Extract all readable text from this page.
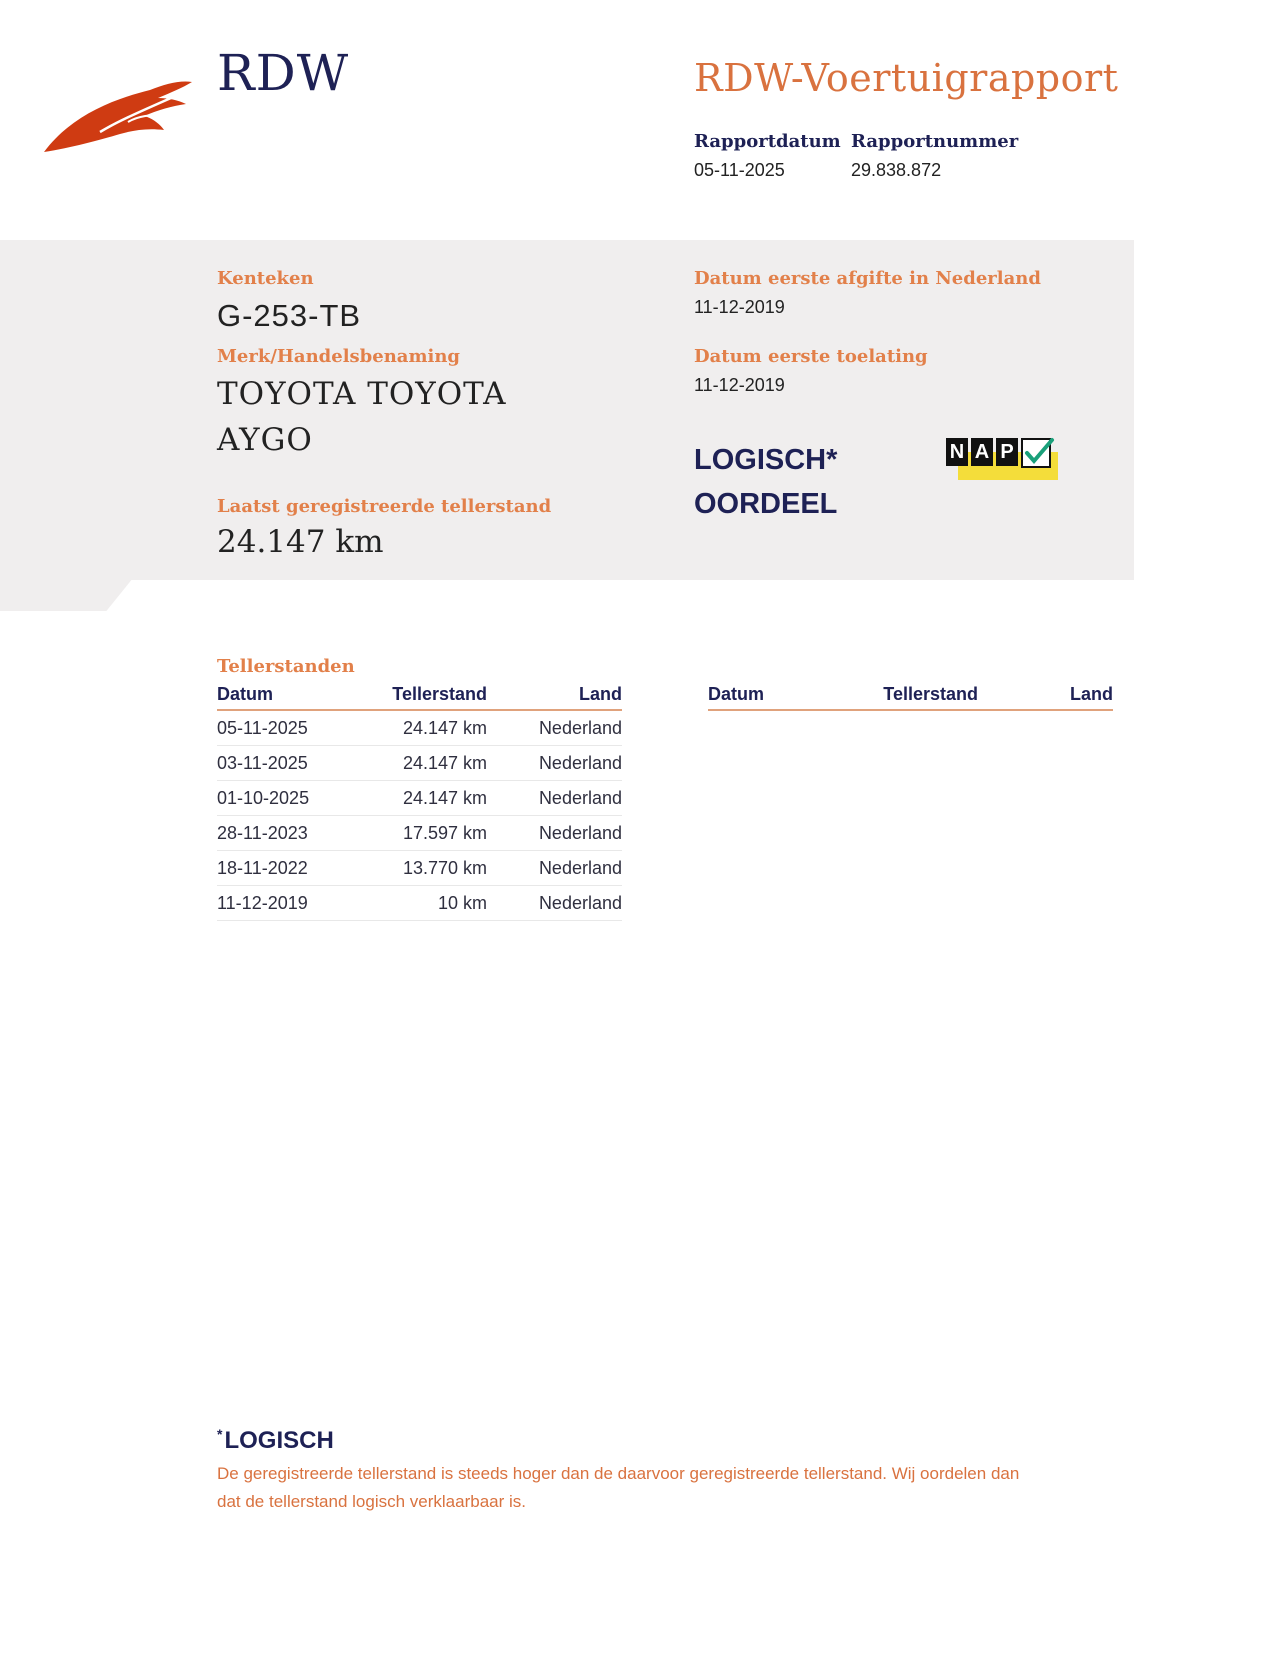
RDW	RDW-Voertuigrapport
Rapportdatum
05-11-2025
Rapportnummer
29.838.872
Kenteken
G-253-TB
Merk/Handelsbenaming
TOYOTA TOYOTA
AYGO
Laatst geregistreerde tellerstand
24.147 km
Datum eerste afgifte in Nederland
11-12-2019
Datum eerste toelating
11-12-2019
LOGISCH*
OORDEEL
N A P
Tellerstanden
Datum	Tellerstand	Land
05-11-2025	24.147 km	Nederland
03-11-2025	24.147 km	Nederland
01-10-2025	24.147 km	Nederland
28-11-2023	17.597 km	Nederland
18-11-2022	13.770 km	Nederland
11-12-2019	10 km	Nederland
Datum	Tellerstand	Land
*LOGISCH
De geregistreerde tellerstand is steeds hoger dan de daarvoor geregistreerde tellerstand. Wij oordelen dan
dat de tellerstand logisch verklaarbaar is.
